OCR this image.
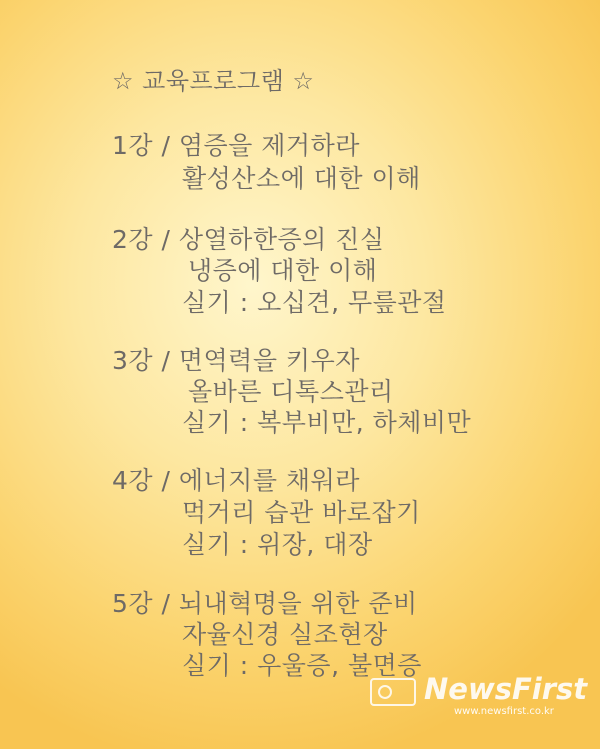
☆ 교육프로그램 ☆
1강 / 염증을 제거하라
활성산소에 대한 이해
2강 / 상열하한증의 진실
냉증에 대한 이해
실기 : 오십견, 무릎관절
3강 / 면역력을 키우자
올바른 디톡스관리
실기 : 복부비만, 하체비만
4강 / 에너지를 채워라
먹거리 습관 바로잡기
실기 : 위장, 대장
5강 / 뇌내혁명을 위한 준비
자율신경 실조현장
실기 : 우울증, 불면증
NewsFirst
www.newsfirst.co.kr
